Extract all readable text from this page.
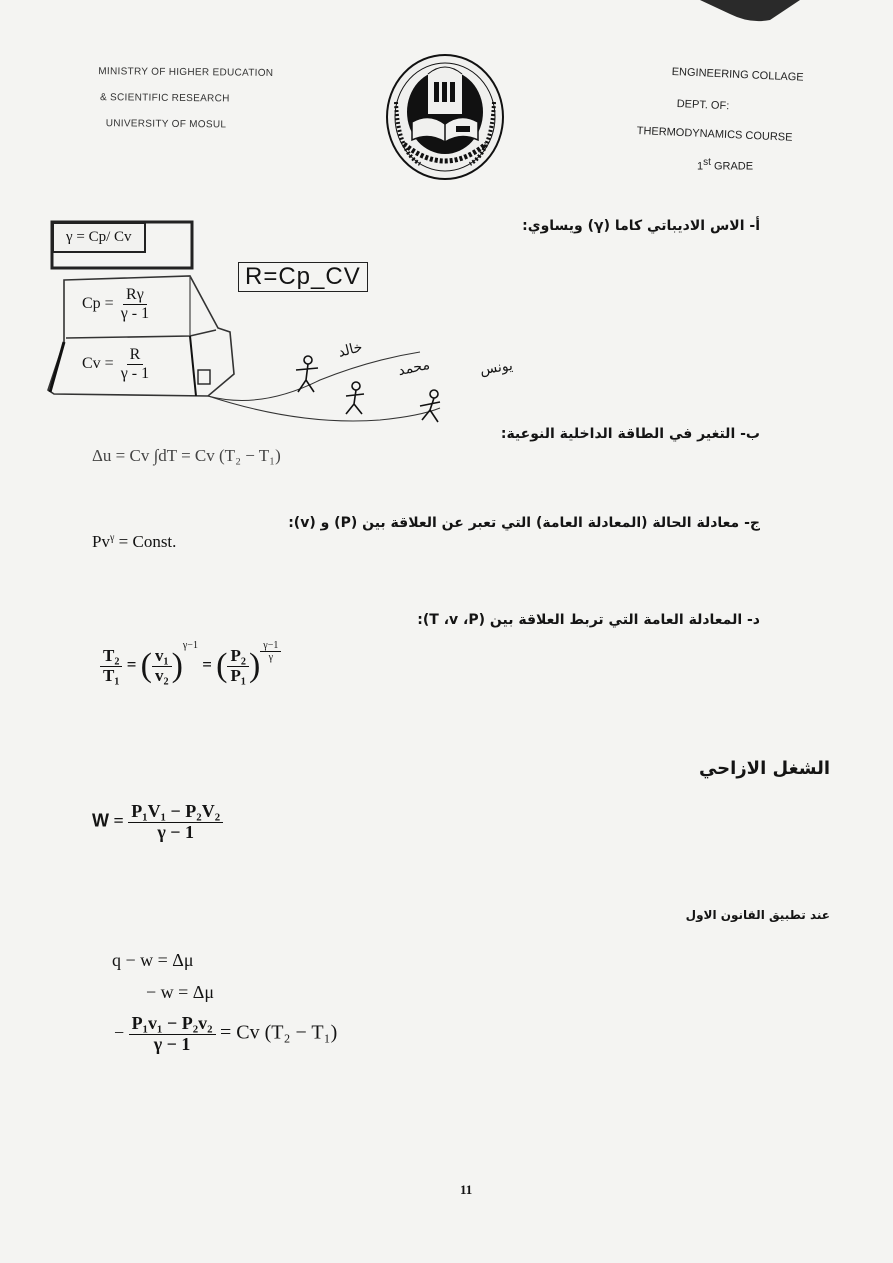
MINISTRY OF HIGHER EDUCATION
& SCIENTIFIC RESEARCH
UNIVERSITY OF MOSUL
ENGINEERING COLLAGE
DEPT. OF:
THERMODYNAMICS COURSE
1st GRADE
أ- الاس الاديباتي كاما (γ) ويساوي:
γ = Cp/ Cv
R=Cp_CV
$Cp = \frac{R\gamma}{\gamma - 1}$
$Cv = \frac{R}{\gamma - 1}$	خالد
محمد	يونس
ب- التغير في الطاقة الداخلية النوعية:
Δu = Cv ∫dT = Cv (T₂ − T₁)
ج- معادلة الحالة (المعادلة العامة) التي تعبر عن العلاقة بين (P) و (v):
$Pv^\gamma$ = Const.
د- المعادلة العامة التي تربط العلاقة بين (T ،v ،P):
$\frac{\text{T₂}}{\text{T₁}}$ = ( $\frac{\text{v₁}}{\text{v₂}} )^{\gamma-1}$ = ( $\frac{\text{P₂}}{\text{P₁}}$ ) $\frac{\gamma-1}{\gamma}$
الشغل الازاحي
$W = \frac{\text{P₁V₁ − P₂V₂}}{\gamma - 1}$
عند تطبيق القانون الاول
q − w = Δμ
− w = Δμ
− $\frac{\text{P₁v₁ − P₂v₂}}{\gamma - 1} = Cv$ (T₂ − T₁)
11
